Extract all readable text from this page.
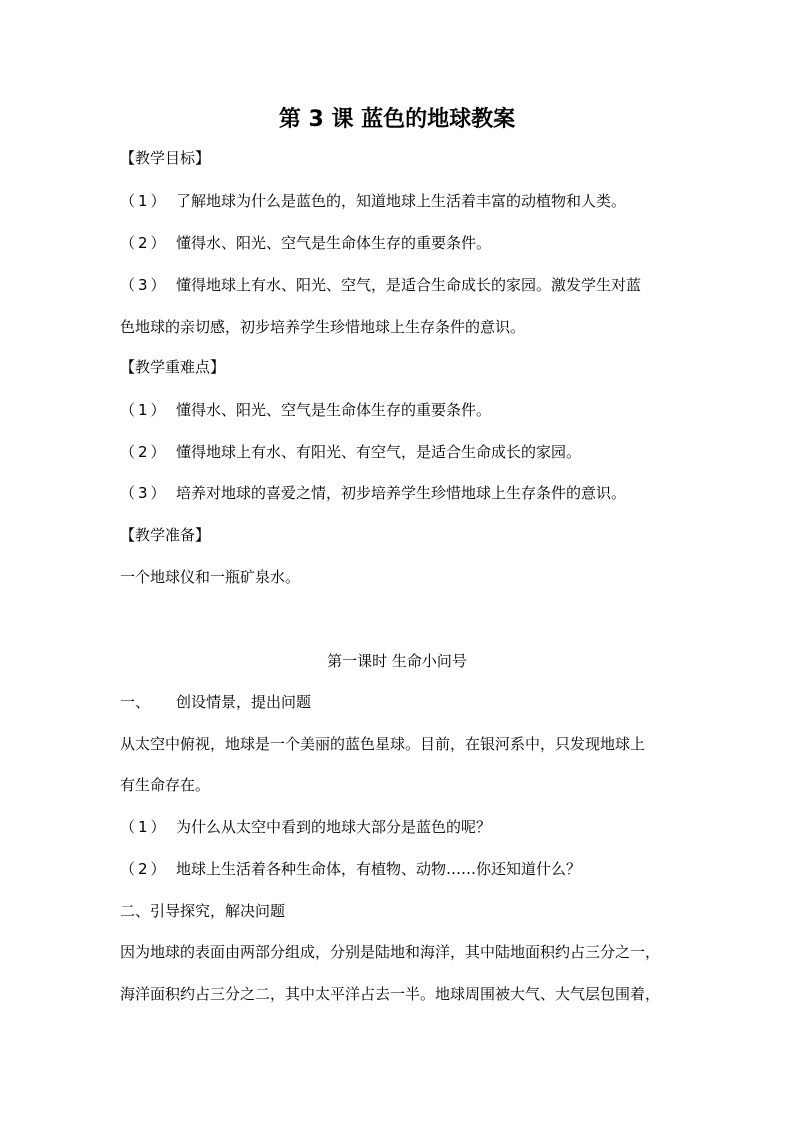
第 3 课 蓝色的地球教案
【教学目标】
（1） 了解地球为什么是蓝色的，知道地球上生活着丰富的动植物和人类。
（2） 懂得水、阳光、空气是生命体生存的重要条件。
（3） 懂得地球上有水、阳光、空气，是适合生命成长的家园。激发学生对蓝
色地球的亲切感，初步培养学生珍惜地球上生存条件的意识。
【教学重难点】
（1） 懂得水、阳光、空气是生命体生存的重要条件。
（2） 懂得地球上有水、有阳光、有空气，是适合生命成长的家园。
（3） 培养对地球的喜爱之情，初步培养学生珍惜地球上生存条件的意识。
【教学准备】
一个地球仪和一瓶矿泉水。
第一课时 生命小问号
一、 创设情景，提出问题
从太空中俯视，地球是一个美丽的蓝色星球。目前，在银河系中，只发现地球上
有生命存在。
（1） 为什么从太空中看到的地球大部分是蓝色的呢？
（2） 地球上生活着各种生命体，有植物、动物……你还知道什么？
二、引导探究，解决问题
因为地球的表面由两部分组成，分别是陆地和海洋，其中陆地面积约占三分之一，
海洋面积约占三分之二，其中太平洋占去一半。地球周围被大气、大气层包围着，
